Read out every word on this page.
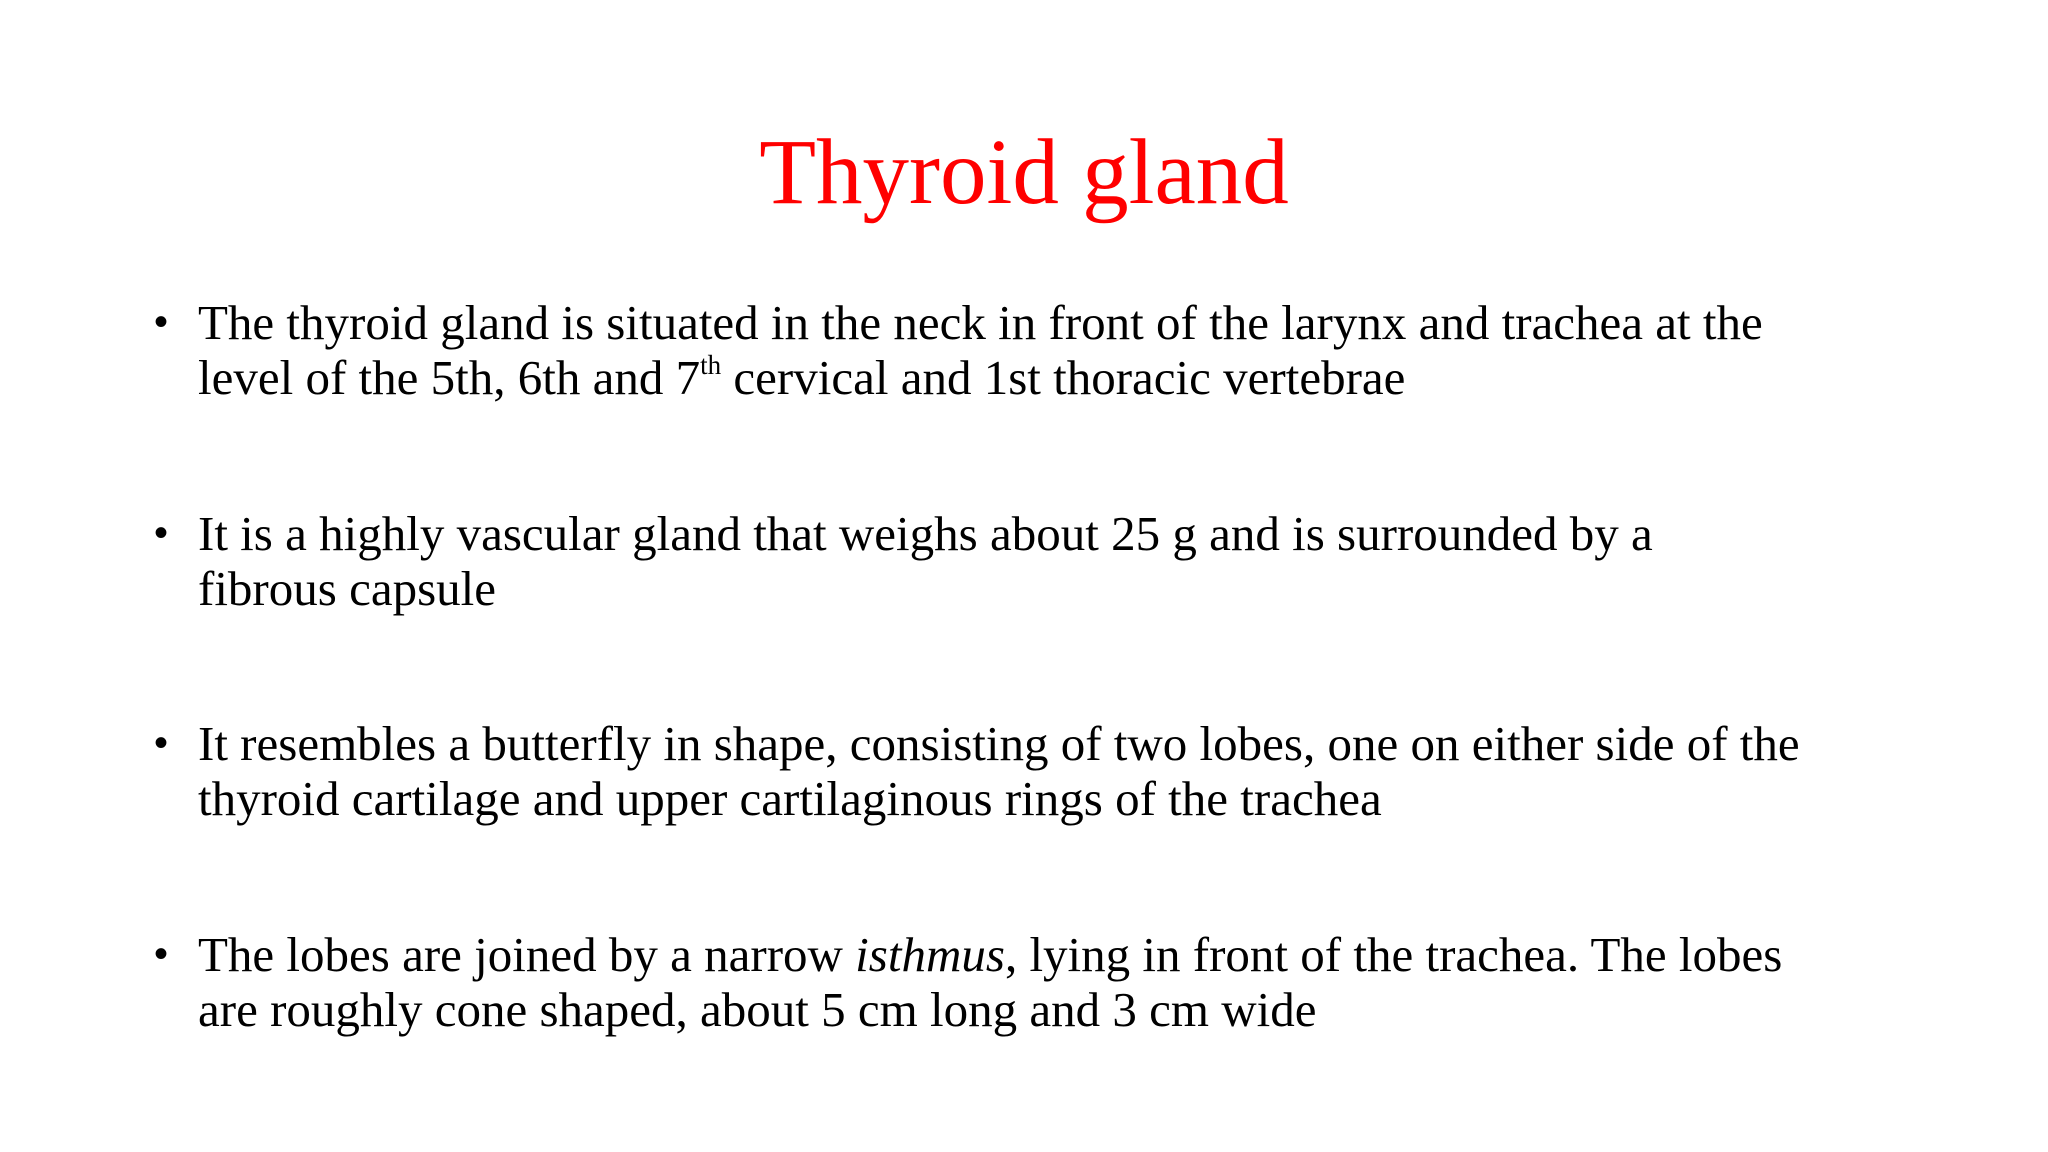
Thyroid gland
• The thyroid gland is situated in the neck in front of the larynx and trachea at the
level of the 5th, 6th and 7th cervical and 1st thoracic vertebrae
• It is a highly vascular gland that weighs about 25 g and is surrounded by a
fibrous capsule
• It resembles a butterfly in shape, consisting of two lobes, one on either side of the
thyroid cartilage and upper cartilaginous rings of the trachea
• The lobes are joined by a narrow isthmus, lying in front of the trachea. The lobes
are roughly cone shaped, about 5 cm long and 3 cm wide
